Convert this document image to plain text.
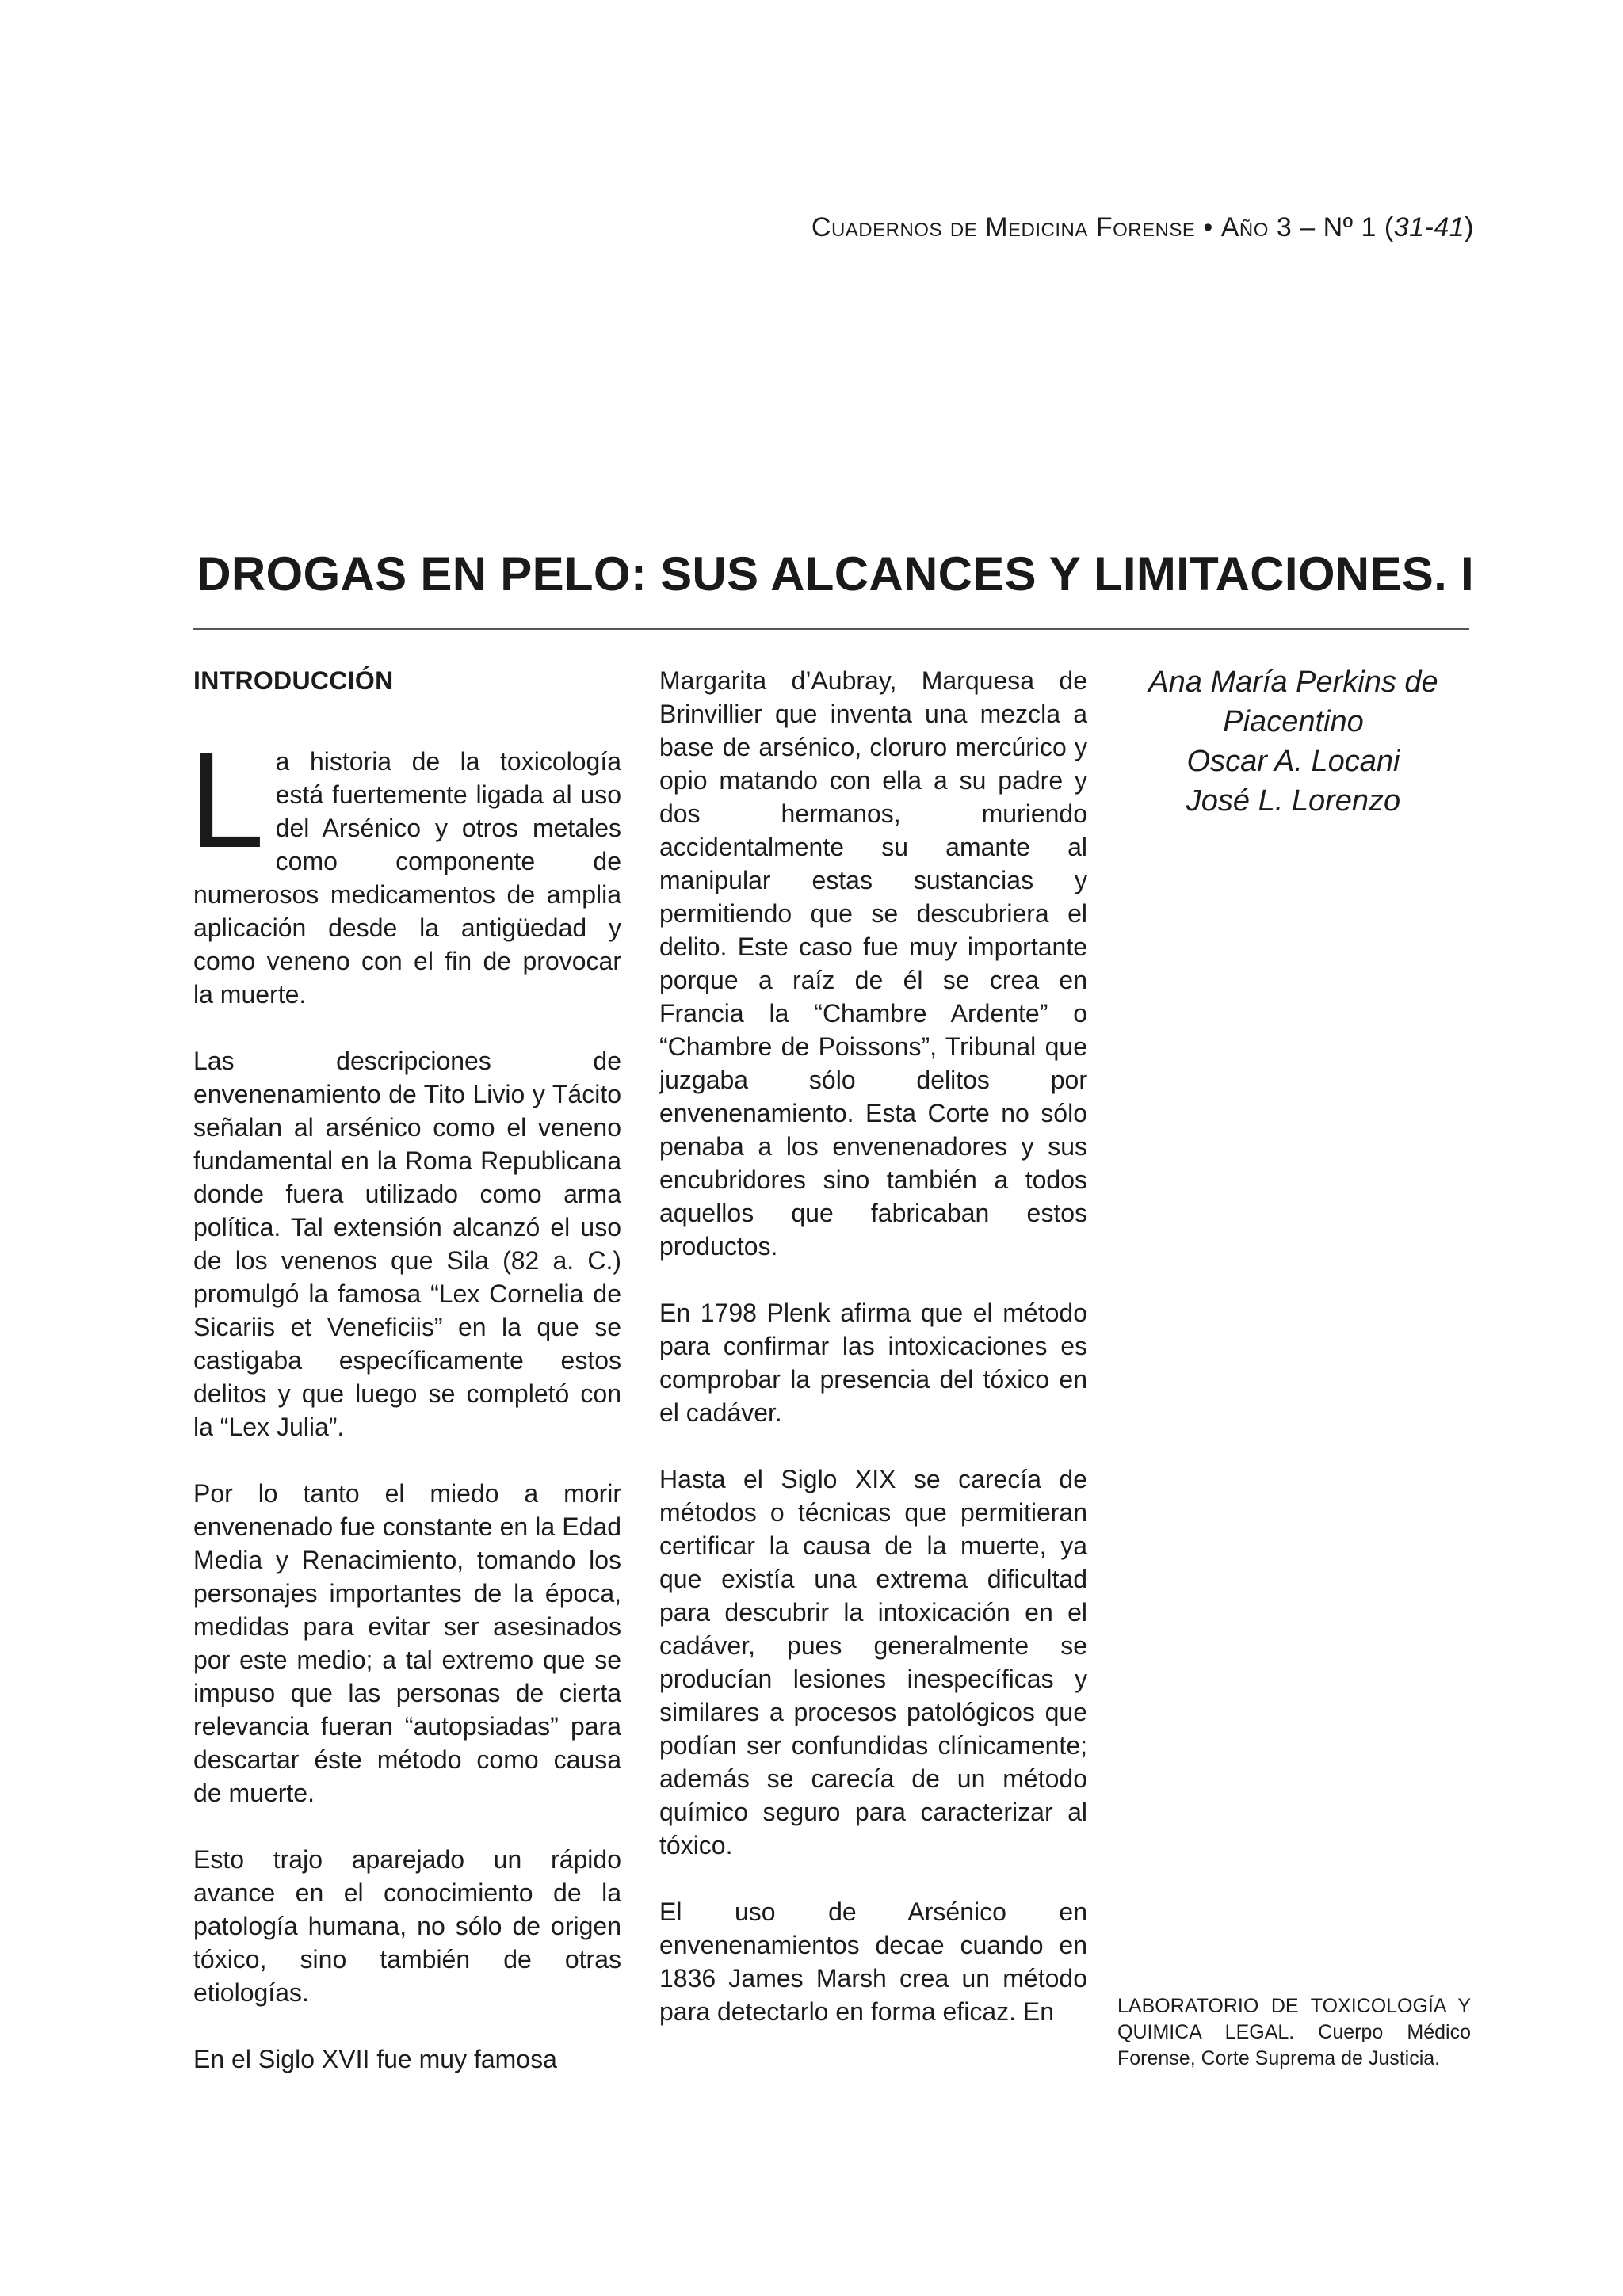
Cuadernos de Medicina Forense • Año 3 – Nº 1 (31-41)
DROGAS EN PELO: SUS ALCANCES Y LIMITACIONES. I
INTRODUCCIÓN

La historia de la toxicología está fuertemente ligada al uso del Arsénico y otros metales como componente de numerosos medicamentos de amplia aplicación desde la antigüedad y como veneno con el fin de provocar la muerte.

Las descripciones de envenenamiento de Tito Livio y Tácito señalan al arsénico como el veneno fundamental en la Roma Republicana donde fuera utilizado como arma política. Tal extensión alcanzó el uso de los venenos que Sila (82 a. C.) promulgó la famosa “Lex Cornelia de Sicariis et Veneficiis” en la que se castigaba específicamente estos delitos y que luego se completó con la “Lex Julia”.

Por lo tanto el miedo a morir envenenado fue constante en la Edad Media y Renacimiento, tomando los personajes importantes de la época, medidas para evitar ser asesinados por este medio; a tal extremo que se impuso que las personas de cierta relevancia fueran “autopsiadas” para descartar éste método como causa de muerte.

Esto trajo aparejado un rápido avance en el conocimiento de la patología humana, no sólo de origen tóxico, sino también de otras etiologías.

En el Siglo XVII fue muy famosa

Margarita d’Aubray, Marquesa de Brinvillier que inventa una mezcla a base de arsénico, cloruro mercúrico y opio matando con ella a su padre y dos hermanos, muriendo accidentalmente su amante al manipular estas sustancias y permitiendo que se descubriera el delito. Este caso fue muy importante porque a raíz de él se crea en Francia la “Chambre Ardente” o “Chambre de Poissons”, Tribunal que juzgaba sólo delitos por envenenamiento. Esta Corte no sólo penaba a los envenenadores y sus encubridores sino también a todos aquellos que fabricaban estos productos.

En 1798 Plenk afirma que el método para confirmar las intoxicaciones es comprobar la presencia del tóxico en el cadáver.

Hasta el Siglo XIX se carecía de métodos o técnicas que permitieran certificar la causa de la muerte, ya que existía una extrema dificultad para descubrir la intoxicación en el cadáver, pues generalmente se producían lesiones inespecíficas y similares a procesos patológicos que podían ser confundidas clínicamente; además se carecía de un método químico seguro para caracterizar al tóxico.

El uso de Arsénico en envenenamientos decae cuando en 1836 James Marsh crea un método para detectarlo en forma eficaz. En

Ana María Perkins de Piacentino
Oscar A. Locani
José L. Lorenzo
LABORATORIO DE TOXICOLOGÍA Y QUIMICA LEGAL. Cuerpo Médico Forense, Corte Suprema de Justicia.
